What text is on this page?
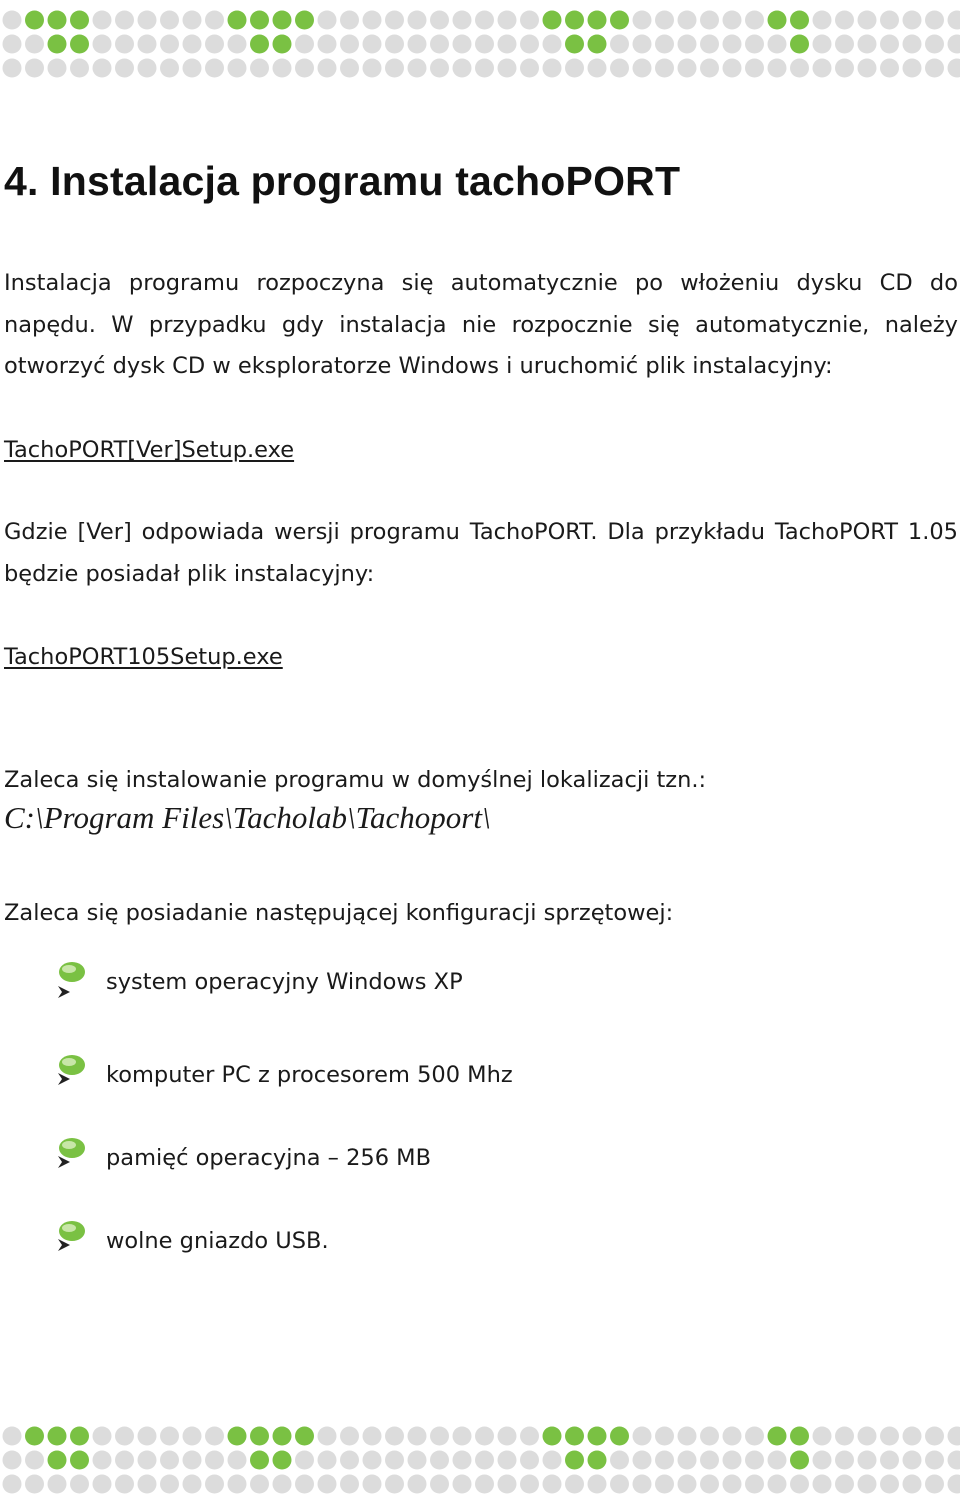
4. Instalacja programu tachoPORT

Instalacja programu rozpoczyna się automatycznie po włożeniu dysku CD do napędu. W przypadku gdy instalacja nie rozpocznie się automatycznie, należy otworzyć dysk CD w eksploratorze Windows i uruchomić plik instalacyjny:

TachoPORT[Ver]Setup.exe

Gdzie [Ver] odpowiada wersji programu TachoPORT. Dla przykładu TachoPORT 1.05 będzie posiadał plik instalacyjny:

TachoPORT105Setup.exe

Zaleca się instalowanie programu w domyślnej lokalizacji tzn.:

C:\Program Files\Tacholab\Tachoport\

Zaleca się posiadanie następującej konfiguracji sprzętowej:

system operacyjny Windows XP
komputer PC z procesorem 500 Mhz
pamięć operacyjna – 256 MB
wolne gniazdo USB.
